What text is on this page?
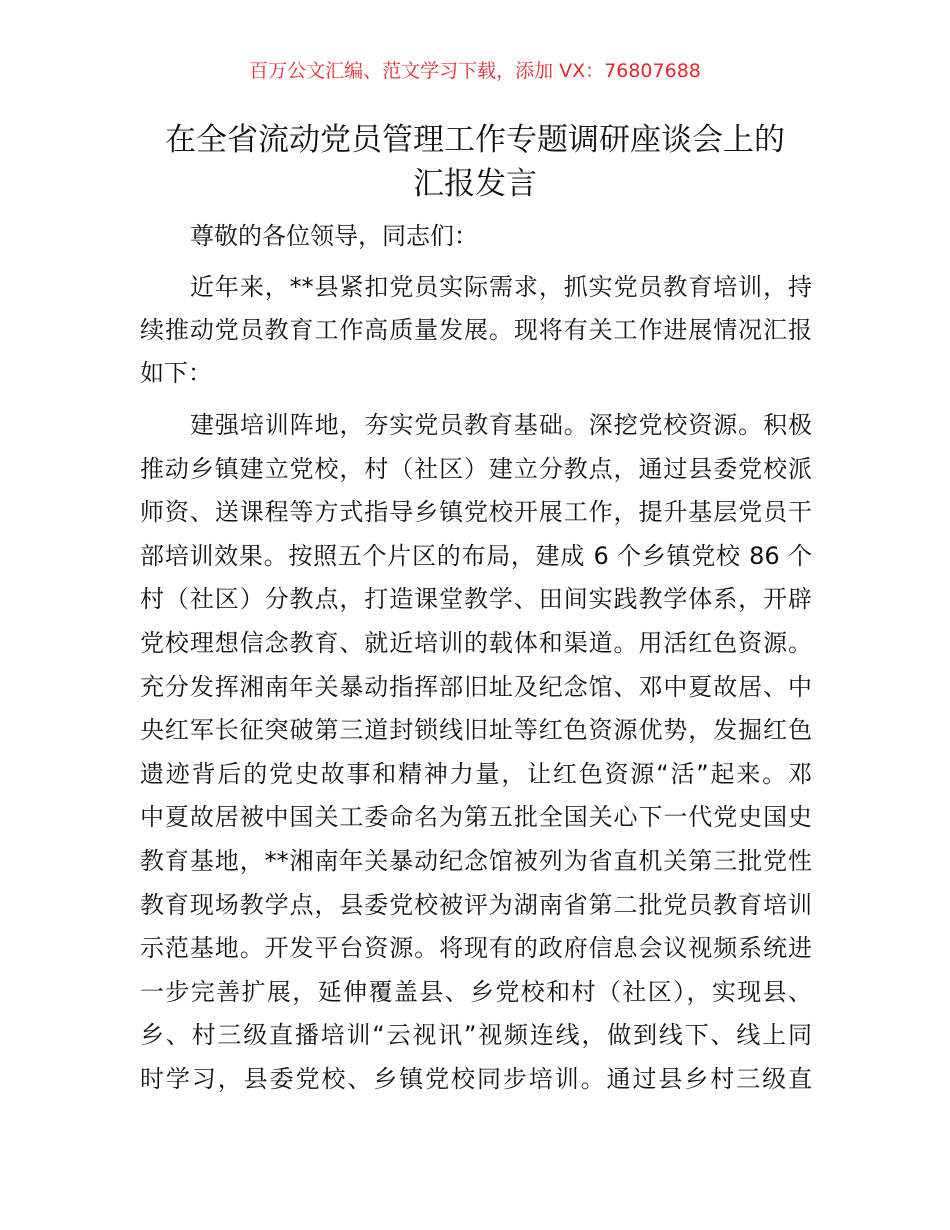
百万公文汇编、范文学习下载，添加 VX：76807688
在全省流动党员管理工作专题调研座谈会上的
汇报发言
尊敬的各位领导，同志们：
近年来，**县紧扣党员实际需求，抓实党员教育培训，持
续推动党员教育工作高质量发展。现将有关工作进展情况汇报
如下：
建强培训阵地，夯实党员教育基础。深挖党校资源。积极
推动乡镇建立党校，村（社区）建立分教点，通过县委党校派
师资、送课程等方式指导乡镇党校开展工作，提升基层党员干
部培训效果。按照五个片区的布局，建成 6 个乡镇党校 86 个
村（社区）分教点，打造课堂教学、田间实践教学体系，开辟
党校理想信念教育、就近培训的载体和渠道。用活红色资源。
充分发挥湘南年关暴动指挥部旧址及纪念馆、邓中夏故居、中
央红军长征突破第三道封锁线旧址等红色资源优势，发掘红色
遗迹背后的党史故事和精神力量，让红色资源“活”起来。邓
中夏故居被中国关工委命名为第五批全国关心下一代党史国史
教育基地，**湘南年关暴动纪念馆被列为省直机关第三批党性
教育现场教学点，县委党校被评为湖南省第二批党员教育培训
示范基地。开发平台资源。将现有的政府信息会议视频系统进
一步完善扩展，延伸覆盖县、乡党校和村（社区），实现县、
乡、村三级直播培训“云视讯”视频连线，做到线下、线上同
时学习，县委党校、乡镇党校同步培训。通过县乡村三级直
